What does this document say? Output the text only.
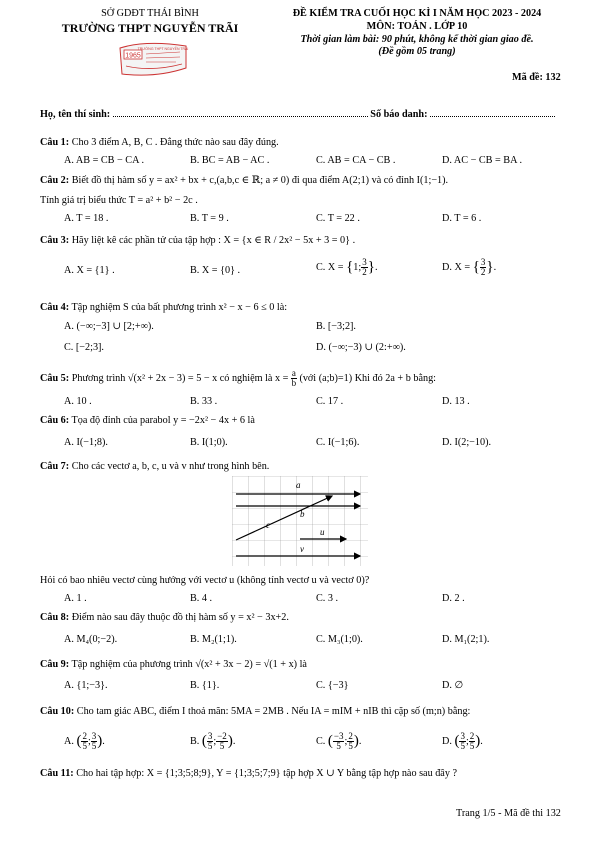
SỞ GDĐT THÁI BÌNH
TRƯỜNG THPT NGUYỄN TRÃI
1965
TRƯỜNG THPT NGUYỄN TRÃI
ĐỀ KIỂM TRA CUỐI HỌC KÌ I NĂM HỌC 2023 - 2024
MÔN: TOÁN . LỚP 10
Thời gian làm bài: 90 phút, không kể thời gian giao đề.
(Đề gồm 05 trang)
Mã đề: 132
Họ, tên thí sinh:	Số báo danh:
Câu 1: Cho 3 điểm A, B, C . Đẳng thức nào sau đây đúng.
A. AB = CB − CA .	B. BC = AB − AC .	C. AB = CA − CB .	D. AC − CB = BA .
Câu 2: Biết đồ thị hàm số y = ax² + bx + c,(a,b,c ∈ ℝ; a ≠ 0) đi qua điểm A(2;1) và có đỉnh I(1;−1).
Tính giá trị biểu thức T = a² + b² − 2c .
A. T = 18 .	B. T = 9 .	C. T = 22 .	D. T = 6 .
Câu 3: Hãy liệt kê các phần tử của tập hợp : X = {x ∈ R / 2x² − 5x + 3 = 0} .
A. X = {1} .	B. X = {0} .	C. X = {1; $\frac{3}{2}$ }.	D. X = { $\frac{3}{2}$ }.
Câu 4: Tập nghiệm S của bất phương trình x² − x − 6 ≤ 0 là:
A. (−∞;−3] ∪ [2;+∞).	B. [−3;2].
C. [−2;3].	D. (−∞;−3) ∪ (2:+∞).
Câu 5: Phương trình √(x² + 2x − 3) = 5 − x có nghiệm là $x = \frac{a}{b}$ (với (a;b)=1) Khi đó 2a + b bằng:
A. 10 .	B. 33 .	C. 17 .	D. 13 .
Câu 6: Tọa độ đỉnh của parabol y = −2x² − 4x + 6 là
A. I(−1;8).	B. I(1;0).	C. I(−1;6).	D. I(2;−10).
Câu 7: Cho các vectơ a, b, c, u và v như trong hình bên.
a
b
c
u
v
Hỏi có bao nhiêu vectơ cùng hướng với vectơ u (không tính vectơ u và vectơ 0)?
A. 1 .	B. 4 .	C. 3 .	D. 2 .
Câu 8: Điểm nào sau đây thuộc đồ thị hàm số y = x² − 3x+2.
A. M₄(0;−2).	B. M₂(1;1).	C. M₃(1;0).	D. M₁(2;1).
Câu 9: Tập nghiệm của phương trình √(x² + 3x − 2) = √(1 + x) là
A. {1;−3}.	B. {1}.	C. {−3}	D. ∅
Câu 10: Cho tam giác ABC, điểm I thoả mãn: 5MA = 2MB . Nếu IA = mIM + nIB thì cặp số (m;n) bằng:
A. ( $\frac{2}{5}$ ; $\frac{3}{5}$ ).	B. ( $\frac{3}{5}$ ; $\frac{-2}{5}$ ).	C. ( $\frac{-3}{5}$ ; $\frac{2}{5}$ ).	D. ( $\frac{3}{5}$ ; $\frac{2}{5}$ ).
Câu 11: Cho hai tập hợp: X = {1;3;5;8;9}, Y = {1;3;5;7;9} tập hợp X ∪ Y bằng tập hợp nào sau đây ?
Trang 1/5 - Mã đề thi 132
